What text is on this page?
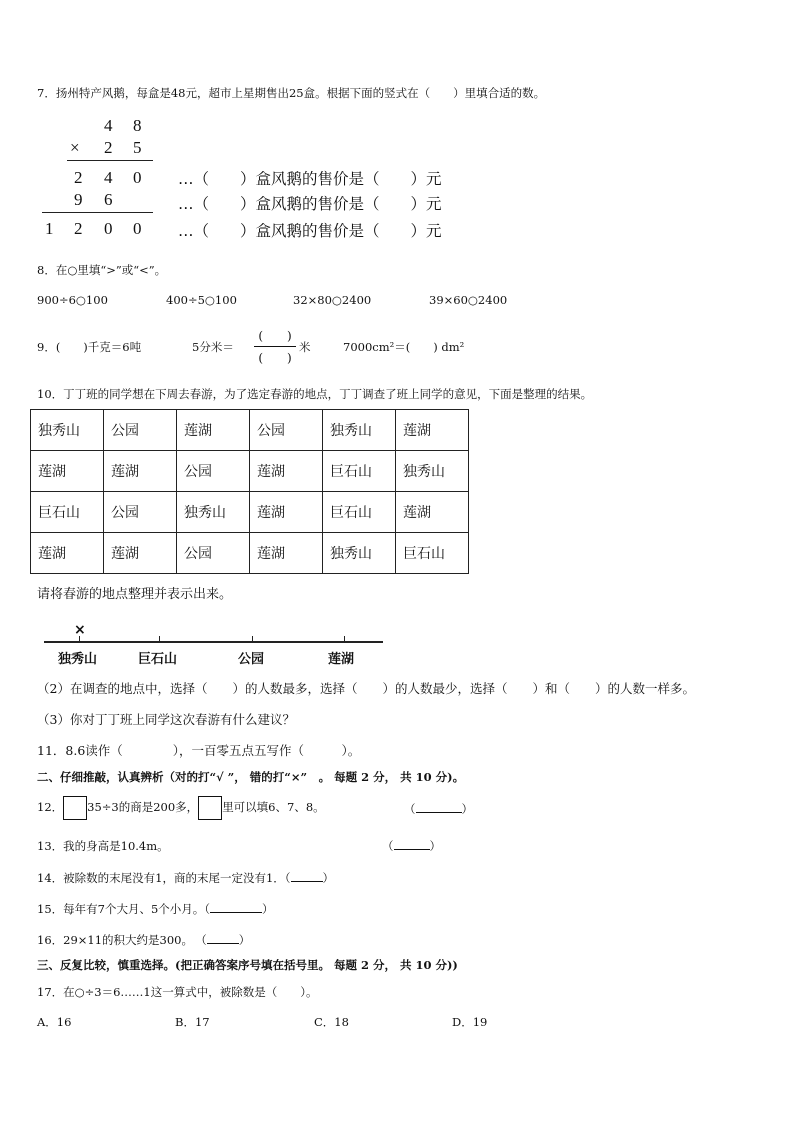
7．扬州特产风鹅，每盒是48元，超市上星期售出25盒。根据下面的竖式在（　　）里填合适的数。
4 8
× 2 5
2 4 0
9 6
1 2 0 0
…（　　）盒风鹅的售价是（　　）元
…（　　）盒风鹅的售价是（　　）元
…（　　）盒风鹅的售价是（　　）元
8．在○里填“>”或“<”。
900÷6○100	400÷5○100	32×80○2400	39×60○2400
9．(　　)千克＝6吨	5分米＝
(　　)
(　　)
米	7000cm²＝(　　) dm²
10．丁丁班的同学想在下周去春游，为了选定春游的地点，丁丁调查了班上同学的意见，下面是整理的结果。
独秀山	公园	莲湖	公园	独秀山	莲湖
莲湖	莲湖	公园	莲湖	巨石山	独秀山
巨石山	公园	独秀山	莲湖	巨石山	莲湖
莲湖	莲湖	公园	莲湖	独秀山	巨石山
请将春游的地点整理并表示出来。
×
独秀山	巨石山	公园	莲湖
（2）在调查的地点中，选择（　　）的人数最多，选择（　　）的人数最少，选择（　　）和（　　）的人数一样多。
（3）你对丁丁班上同学这次春游有什么建议？
11．8.6读作（　　　　），一百零五点五写作（　　　）。
二、仔细推敲，认真辨析（对的打“√ ”， 错的打“×”　。 每题 2 分， 共 10 分)。
12． 35÷3的商是200多， 里可以填6、7、8。	（	）
13．我的身高是10.4m。	（	）
14．被除数的末尾没有1，商的末尾一定没有1．（	）
15．每年有7个大月、5个小月。（	）
16．29×11的积大约是300。 （	）
三、反复比较，慎重选择。(把正确答案序号填在括号里。 每题 2 分， 共 10 分))
17．在○÷3＝6……1这一算式中，被除数是（　　）。
A．16	B．17	C．18	D．19
